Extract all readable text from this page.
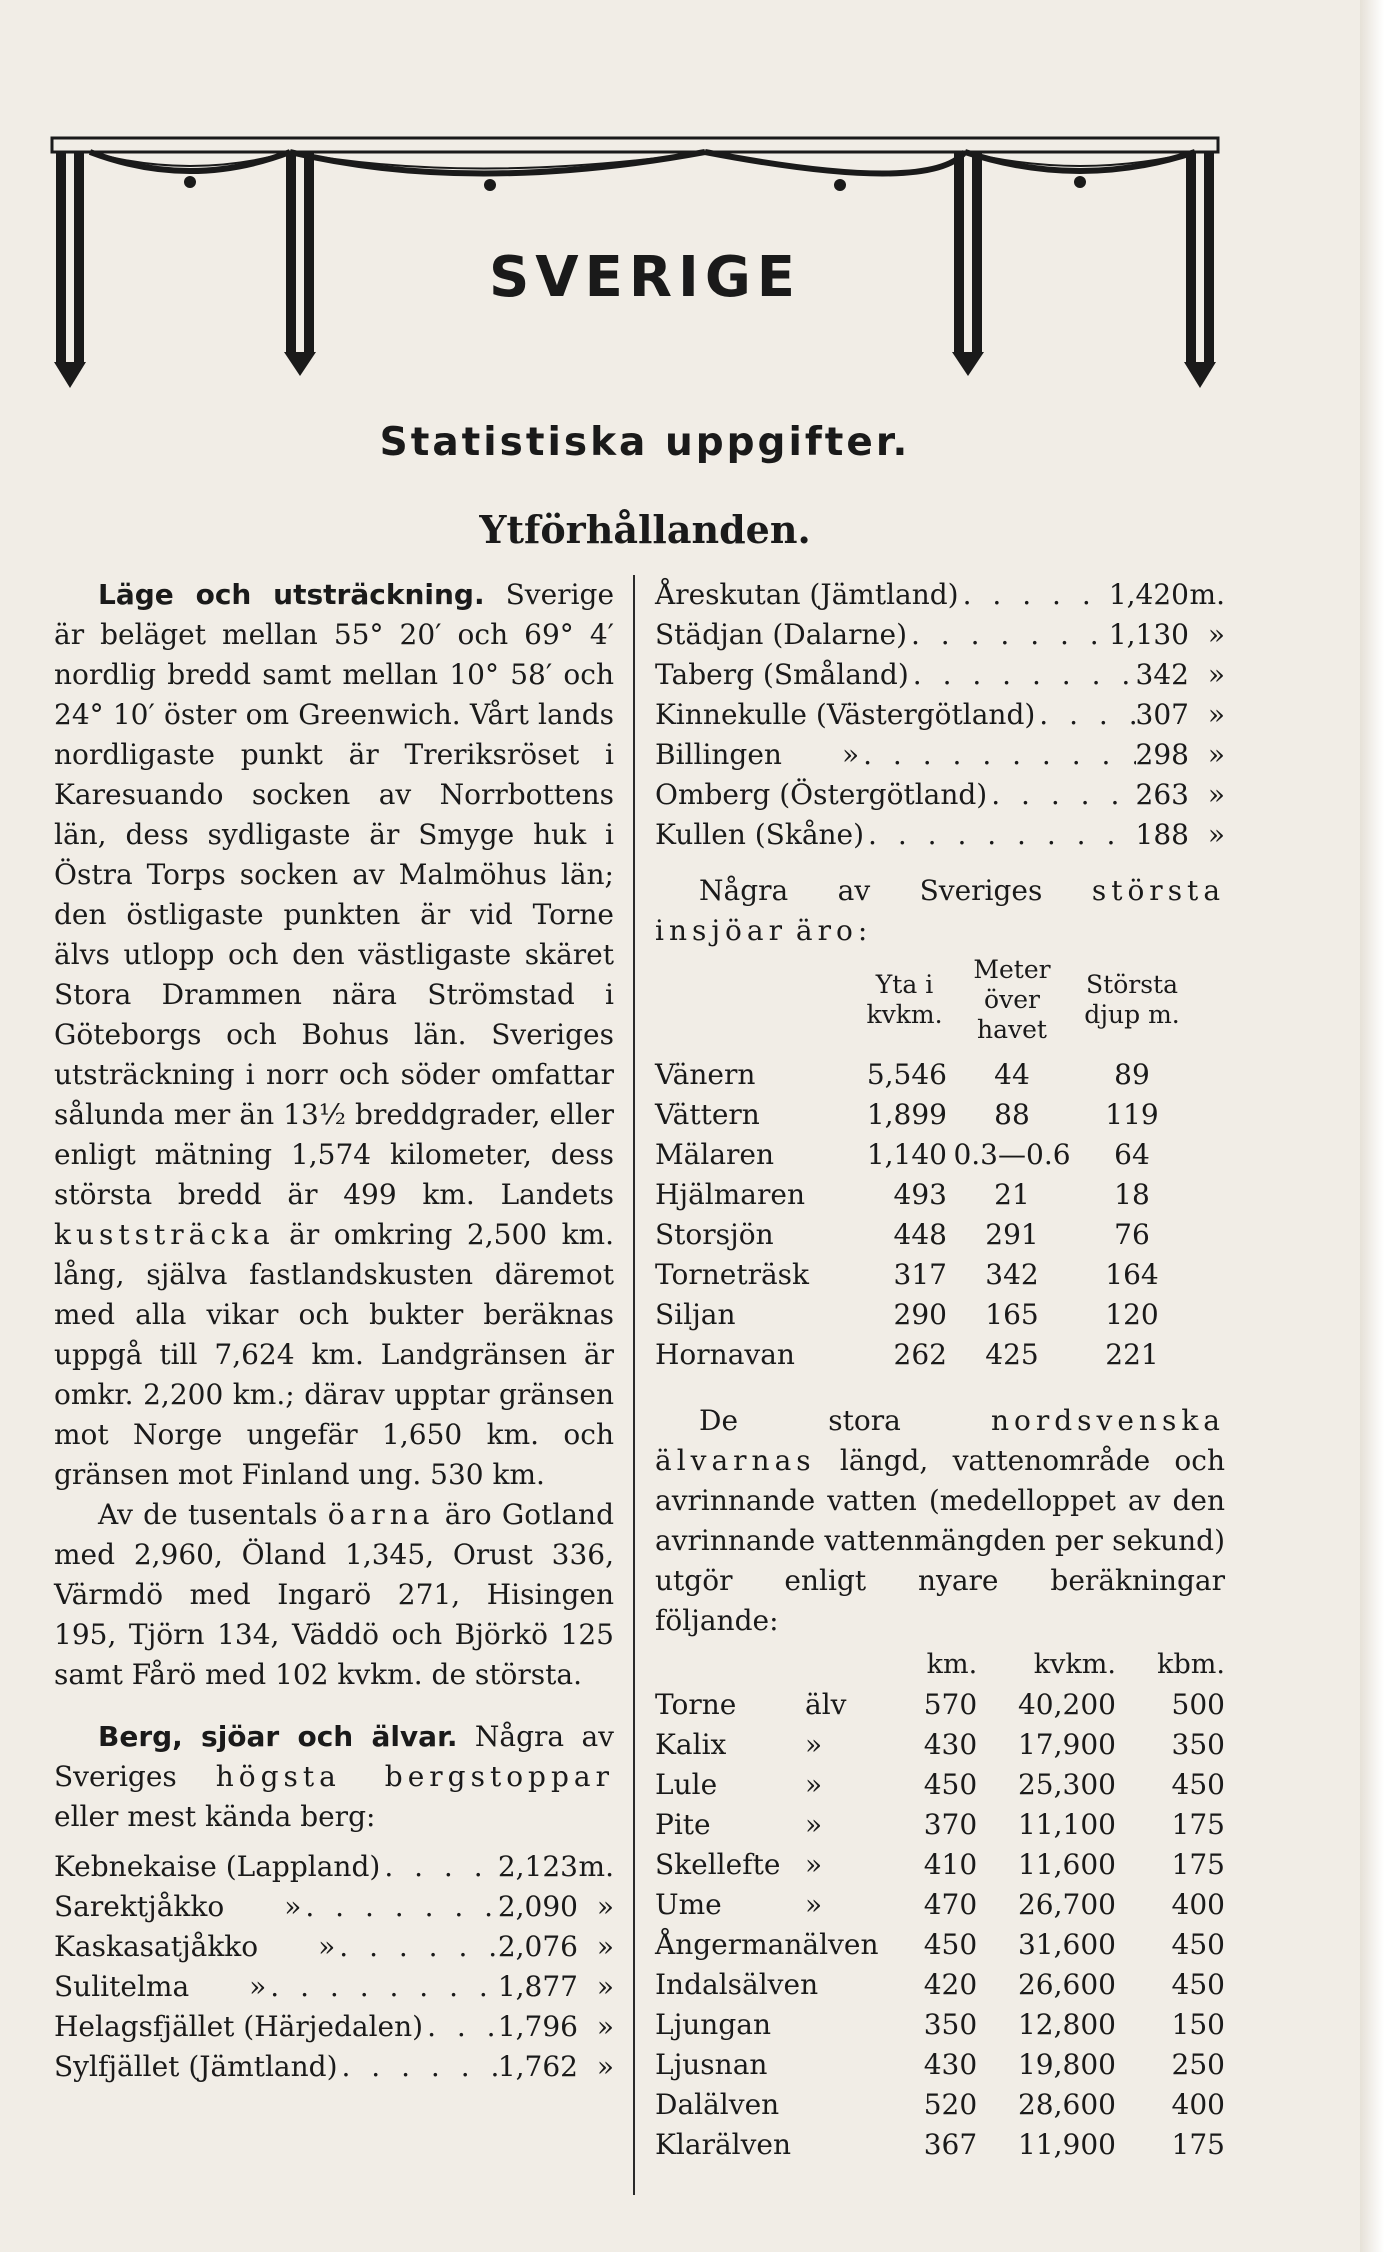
SVERIGE
Statistiska uppgifter.
Ytförhållanden.

Läge och utsträckning. Sverige är beläget mellan 55° 20′ och 69° 4′ nordlig bredd samt mellan 10° 58′ och 24° 10′ öster om Greenwich. Vårt lands nordligaste punkt är Treriksröset i Karesuando socken av Norrbottens län, dess sydligaste är Smyge huk i Östra Torps socken av Malmöhus län; den östligaste punkten är vid Torne älvs utlopp och den västligaste skäret Stora Drammen nära Strömstad i Göteborgs och Bohus län. Sveriges utsträckning i norr och söder omfattar sålunda mer än 13½ breddgrader, eller enligt mätning 1,574 kilometer, dess största bredd är 499 km. Landets kuststräcka är omkring 2,500 km. lång, själva fastlandskusten däremot med alla vikar och bukter beräknas uppgå till 7,624 km. Landgränsen är omkr. 2,200 km.; därav upptar gränsen mot Norge ungefär 1,650 km. och gränsen mot Finland ung. 530 km.

Av de tusentals öarna äro Gotland med 2,960, Öland 1,345, Orust 336, Värmdö med Ingarö 271, Hisingen 195, Tjörn 134, Väddö och Björkö 125 samt Fårö med 102 kvkm. de största.

Berg, sjöar och älvar. Några av Sveriges högsta bergstoppar eller mest kända berg:

Kebnekaise (Lappland) . . .	2,123 m.
Sarektjåkko » . . .	2,090 »
Kaskasatjåkko » . . .	2,076 »
Sulitelma » . . .	1,877 »
Helagsfjället (Härjedalen) . . .	1,796 »
Sylfjället (Jämtland) . . .	1,762 »
Åreskutan (Jämtland) . . .	1,420 m.
Städjan (Dalarne) . . .	1,130 »
Taberg (Småland) . . .	342 »
Kinnekulle (Västergötland) . . .	307 »
Billingen » . . .	298 »
Omberg (Östergötland) . . .	263 »
Kullen (Skåne) . . .	188 »

Några av Sveriges största insjöar äro:

Yta i kvkm.
Meter över havet
Största djup m.
Vänern	5,546	44	89
Vättern	1,899	88	119
Mälaren	1,140 0.3—0.6	64
Hjälmaren	493	21	18
Storsjön	448	291	76
Torneträsk	317	342	164
Siljan	290	165	120
Hornavan	262	425	221

De stora	nordsvenska älvarnas längd, vattenområde och avrinnande vatten (medelloppet av den avrinnande vattenmängden per sekund) utgör enligt nyare beräkningar följande:

km.	kvkm.	kbm.
Torne	älv	570	40,200	500
Kalix	»	430	17,900	350
Lule	»	450	25,300	450
Pite	»	370	11,100	175
Skellefte »	410	11,600	175
Ume	»	470	26,700	400
Ångermanälven	450	31,600	450
Indalsälven	420	26,600	450
Ljungan	350	12,800	150
Ljusnan	430	19,800	250
Dalälven	520	28,600	400
Klarälven	367	11,900	175
